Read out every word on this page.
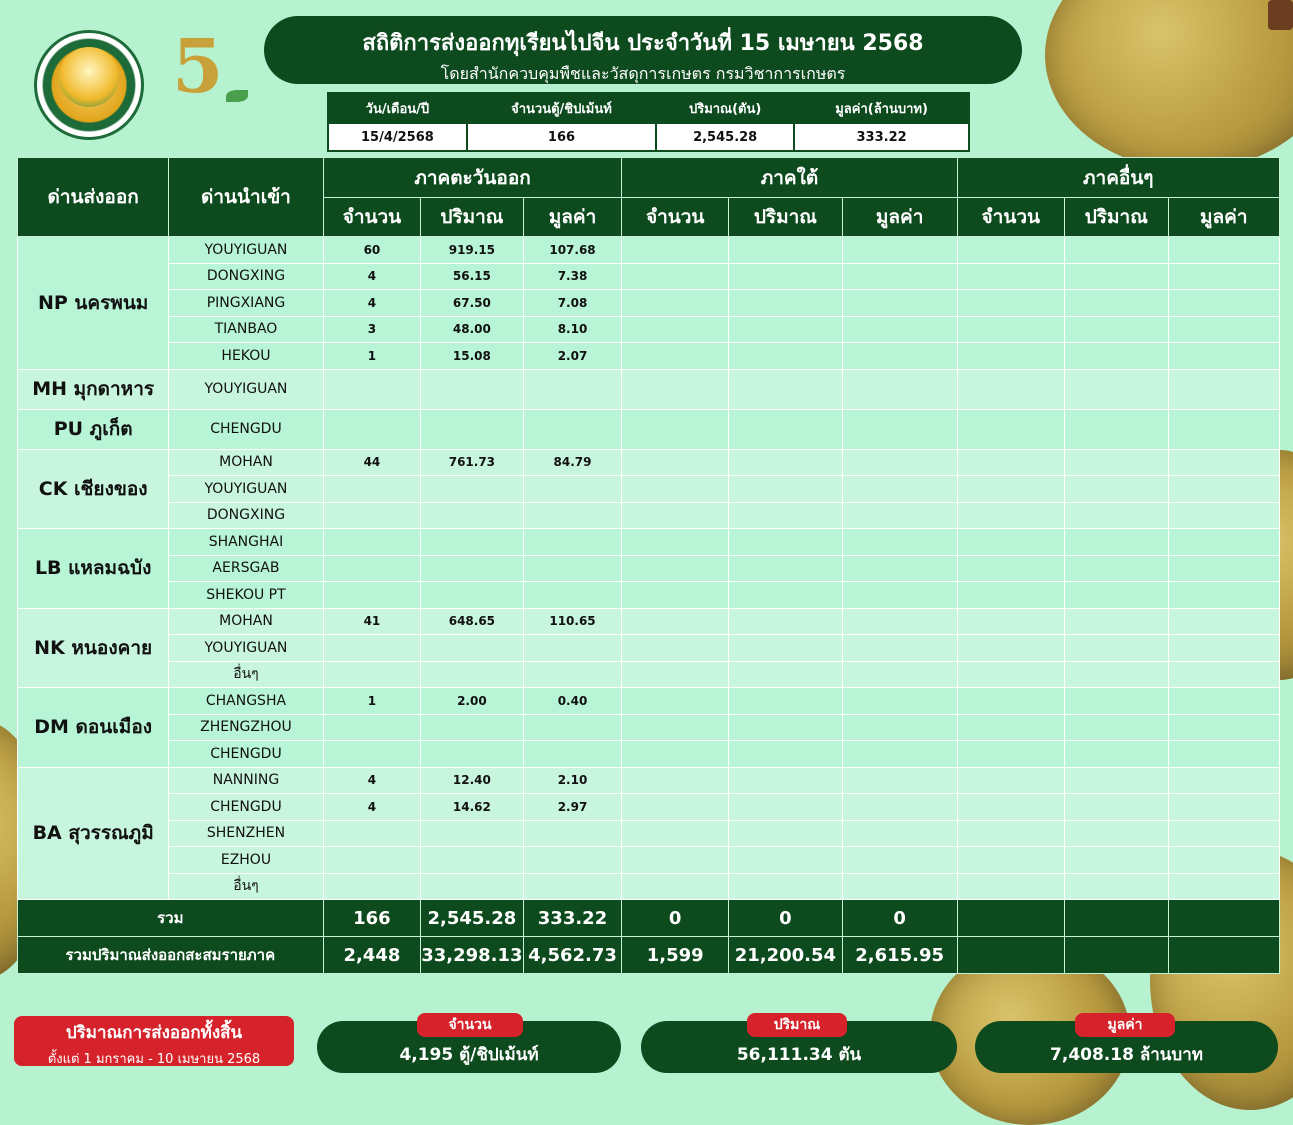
5	สถิติการส่งออกทุเรียนไปจีน ประจำวันที่ 15 เมษายน 2568
โดยสำนักควบคุมพืชและวัสดุการเกษตร กรมวิชาการเกษตร
วัน/เดือน/ปี	จำนวนตู้/ชิปเม้นท์	ปริมาณ(ตัน)	มูลค่า(ล้านบาท)
15/4/2568	166	2,545.28	333.22
ด่านส่งออก	ด่านนำเข้า	ภาคตะวันออก			ภาคใต้			ภาคอื่นๆ		
		จำนวน	ปริมาณ	มูลค่า	จำนวน	ปริมาณ	มูลค่า	จำนวน	ปริมาณ	มูลค่า
NP นครพนม	YOUYIGUAN	60	919.15	107.68						
	DONGXING	4	56.15	7.38						
	PINGXIANG	4	67.50	7.08						
	TIANBAO	3	48.00	8.10						
	HEKOU	1	15.08	2.07						
MH มุกดาหาร	YOUYIGUAN									
PU ภูเก็ต	CHENGDU									
CK เชียงของ	MOHAN	44	761.73	84.79						
	YOUYIGUAN									
	DONGXING									
LB แหลมฉบัง	SHANGHAI									
	AERSGAB									
	SHEKOU PT									
NK หนองคาย	MOHAN	41	648.65	110.65						
	YOUYIGUAN									
	อื่นๆ									
DM ดอนเมือง	CHANGSHA	1	2.00	0.40						
	ZHENGZHOU									
	CHENGDU									
BA สุวรรณภูมิ	NANNING	4	12.40	2.10						
	CHENGDU	4	14.62	2.97						
	SHENZHEN									
	EZHOU									
	อื่นๆ									
รวม		166	2,545.28	333.22	0	0	0			
รวมปริมาณส่งออกสะสมรายภาค		2,448	33,298.13	4,562.73	1,599	21,200.54	2,615.95			
ปริมาณการส่งออกทั้งสิ้น
ตั้งแต่ 1 มกราคม - 10 เมษายน 2568
จำนวน
4,195 ตู้/ชิปเม้นท์
ปริมาณ
56,111.34 ตัน
มูลค่า
7,408.18 ล้านบาท
